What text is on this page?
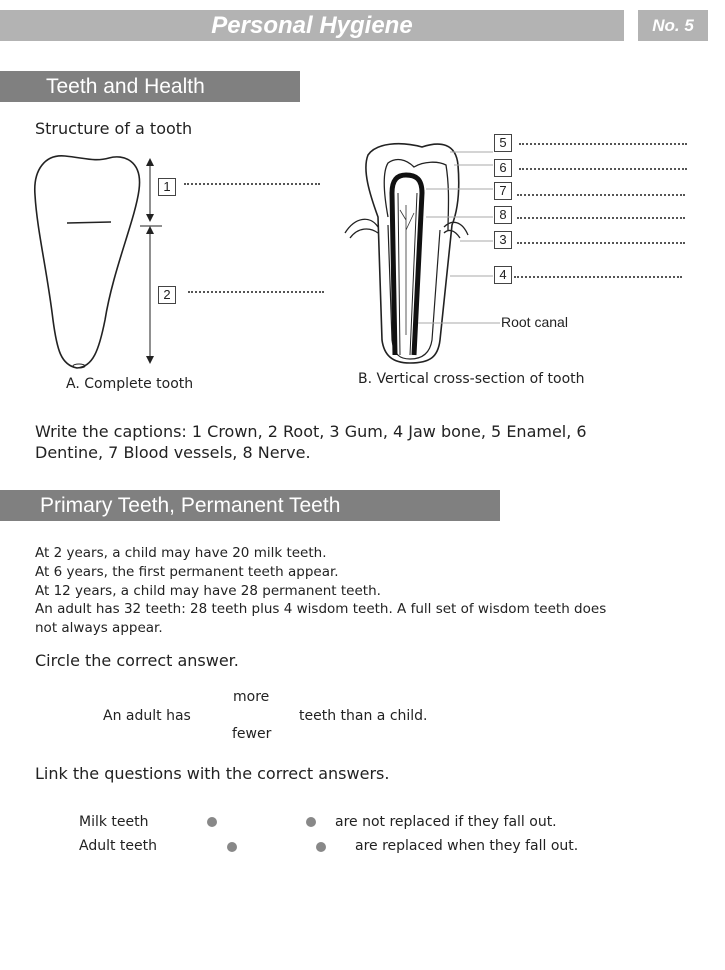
Personal Hygiene	No. 5
Teeth and Health
Structure of a tooth
1
2
A. Complete tooth
5
6
7
8
3
4
Root canal
B. Vertical cross-section of tooth
Write the captions: 1 Crown, 2 Root, 3 Gum, 4 Jaw bone, 5 Enamel, 6
Dentine, 7 Blood vessels, 8 Nerve.
Primary Teeth, Permanent Teeth
At 2 years, a child may have 20 milk teeth.
At 6 years, the first permanent teeth appear.
At 12 years, a child may have 28 permanent teeth.
An adult has 32 teeth: 28 teeth plus 4 wisdom teeth. A full set of wisdom teeth does
not always appear.
Circle the correct answer.
more
An adult has	teeth than a child.
fewer
Link the questions with the correct answers.
Milk teeth	are not replaced if they fall out.
Adult teeth	are replaced when they fall out.
